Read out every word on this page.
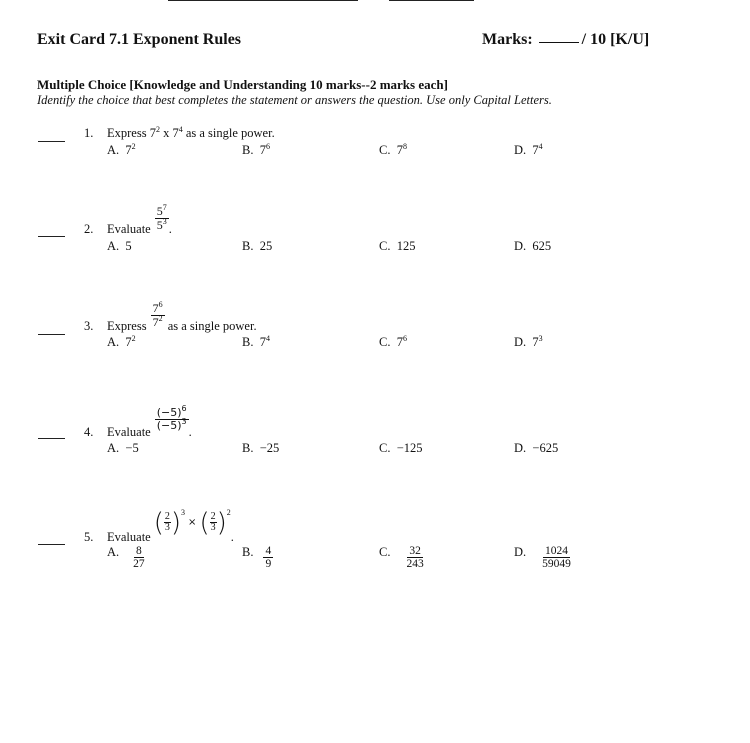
Exit Card 7.1 Exponent Rules	Marks:	/ 10 [K/U]
Multiple Choice [Knowledge and Understanding 10 marks--2 marks each]
Identify the choice that best completes the statement or answers the question. Use only Capital Letters.
1. Express $7^2$ x $7^4$ as a single power.
A. $7^2$	B. $7^6$	C. $7^8$	D. $7^4$
2. Evaluate $\frac{5^7}{5^3}$ .
A. 5	B. 25	C. 125	D. 625
3. Express $\frac{7^6}{7^2}$ as a single power.
A. $7^2$	B. $7^4$	C. $7^6$	D. $7^3$
4. Evaluate
$\frac{(-5)^6}{(-5)^3}$
.
A. −5	B. −25	C. −125	D. −625
5. Evaluate ( $\frac{2}{3}$ ) 3
× ( $\frac{2}{3}$ ) 2
.
A. $\frac{8}{27}$	B. $\frac{4}{9}$	C. $\frac{32}{243}$	D. $\frac{1024}{59049}$
